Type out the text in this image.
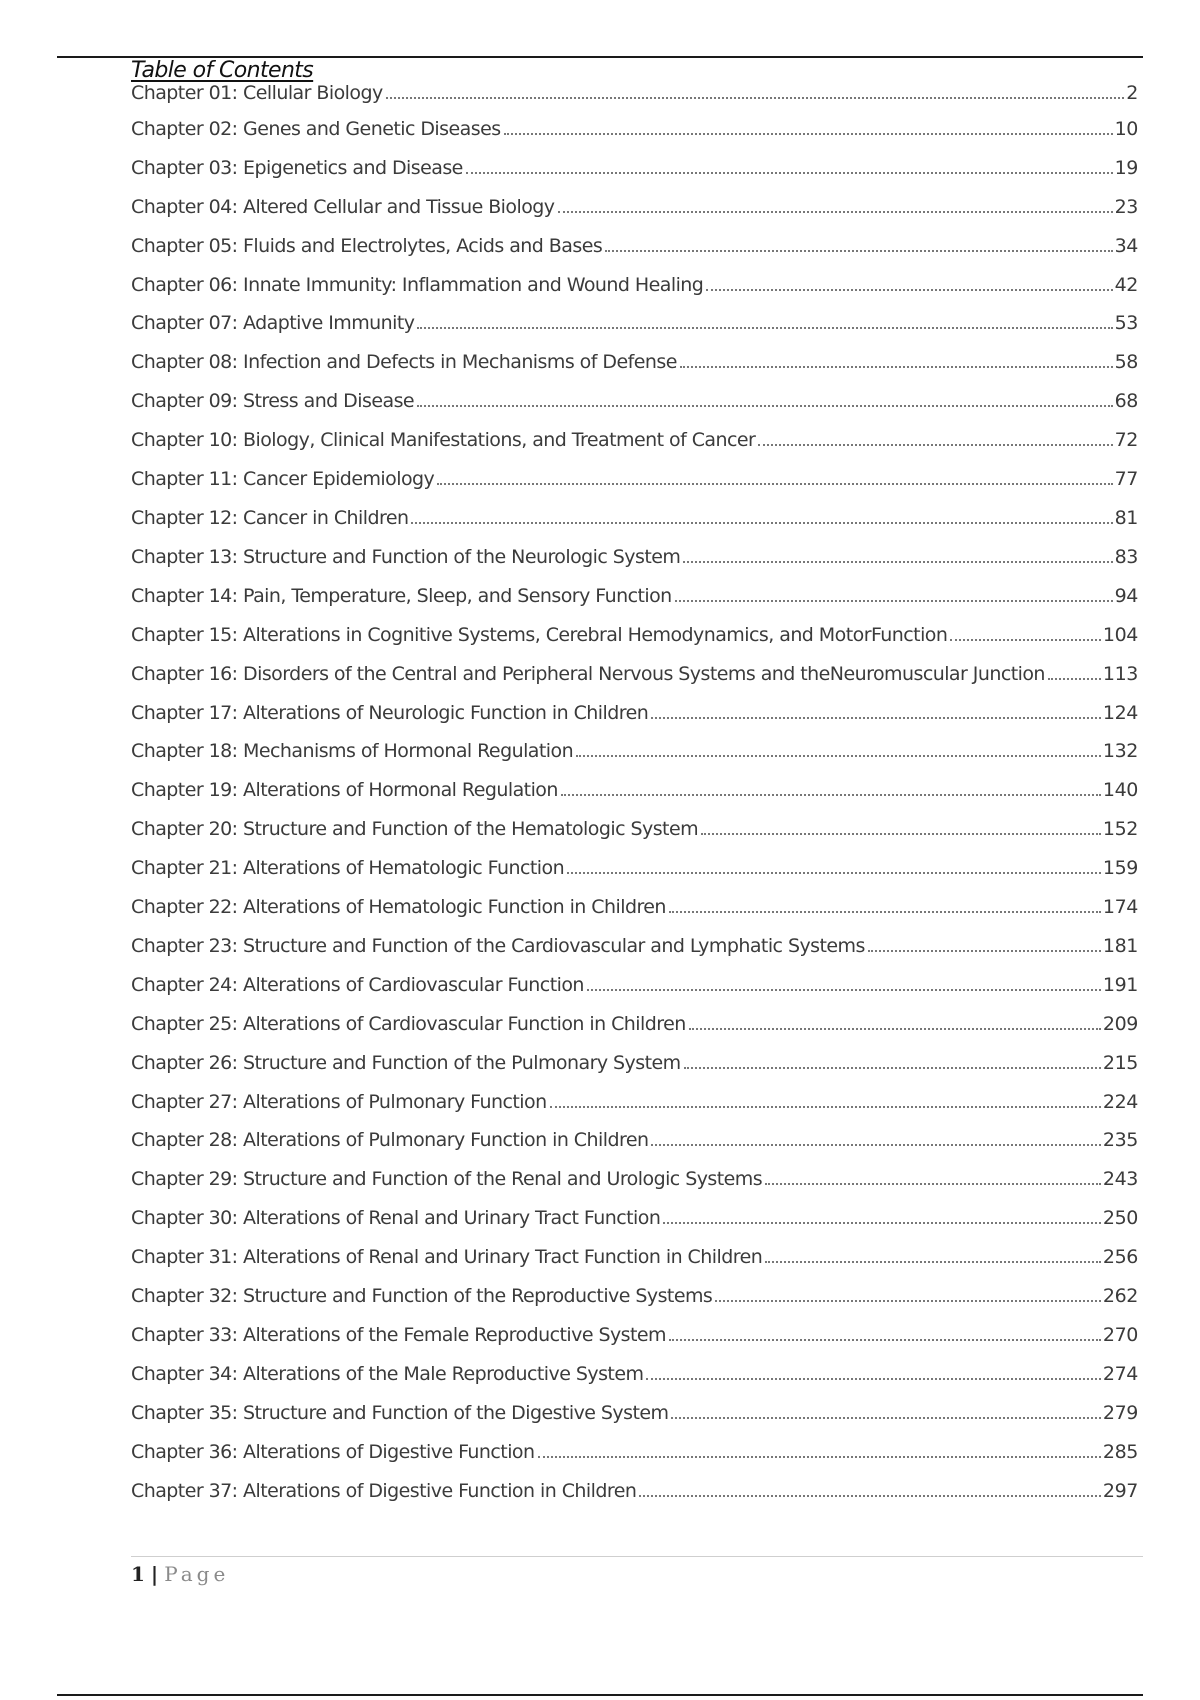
Table of Contents
Chapter 01: Cellular Biology	2
Chapter 02: Genes and Genetic Diseases	10
Chapter 03: Epigenetics and Disease	19
Chapter 04: Altered Cellular and Tissue Biology	23
Chapter 05: Fluids and Electrolytes, Acids and Bases	34
Chapter 06: Innate Immunity: Inflammation and Wound Healing	42
Chapter 07: Adaptive Immunity	53
Chapter 08: Infection and Defects in Mechanisms of Defense	58
Chapter 09: Stress and Disease	68
Chapter 10: Biology, Clinical Manifestations, and Treatment of Cancer	72
Chapter 11: Cancer Epidemiology	77
Chapter 12: Cancer in Children	81
Chapter 13: Structure and Function of the Neurologic System	83
Chapter 14: Pain, Temperature, Sleep, and Sensory Function	94
Chapter 15: Alterations in Cognitive Systems, Cerebral Hemodynamics, and MotorFunction	104
Chapter 16: Disorders of the Central and Peripheral Nervous Systems and theNeuromuscular Junction	113
Chapter 17: Alterations of Neurologic Function in Children	124
Chapter 18: Mechanisms of Hormonal Regulation	132
Chapter 19: Alterations of Hormonal Regulation	140
Chapter 20: Structure and Function of the Hematologic System	152
Chapter 21: Alterations of Hematologic Function	159
Chapter 22: Alterations of Hematologic Function in Children	174
Chapter 23: Structure and Function of the Cardiovascular and Lymphatic Systems	181
Chapter 24: Alterations of Cardiovascular Function	191
Chapter 25: Alterations of Cardiovascular Function in Children	209
Chapter 26: Structure and Function of the Pulmonary System	215
Chapter 27: Alterations of Pulmonary Function	224
Chapter 28: Alterations of Pulmonary Function in Children	235
Chapter 29: Structure and Function of the Renal and Urologic Systems	243
Chapter 30: Alterations of Renal and Urinary Tract Function	250
Chapter 31: Alterations of Renal and Urinary Tract Function in Children	256
Chapter 32: Structure and Function of the Reproductive Systems	262
Chapter 33: Alterations of the Female Reproductive System	270
Chapter 34: Alterations of the Male Reproductive System	274
Chapter 35: Structure and Function of the Digestive System	279
Chapter 36: Alterations of Digestive Function	285
Chapter 37: Alterations of Digestive Function in Children	297
1 | Page
